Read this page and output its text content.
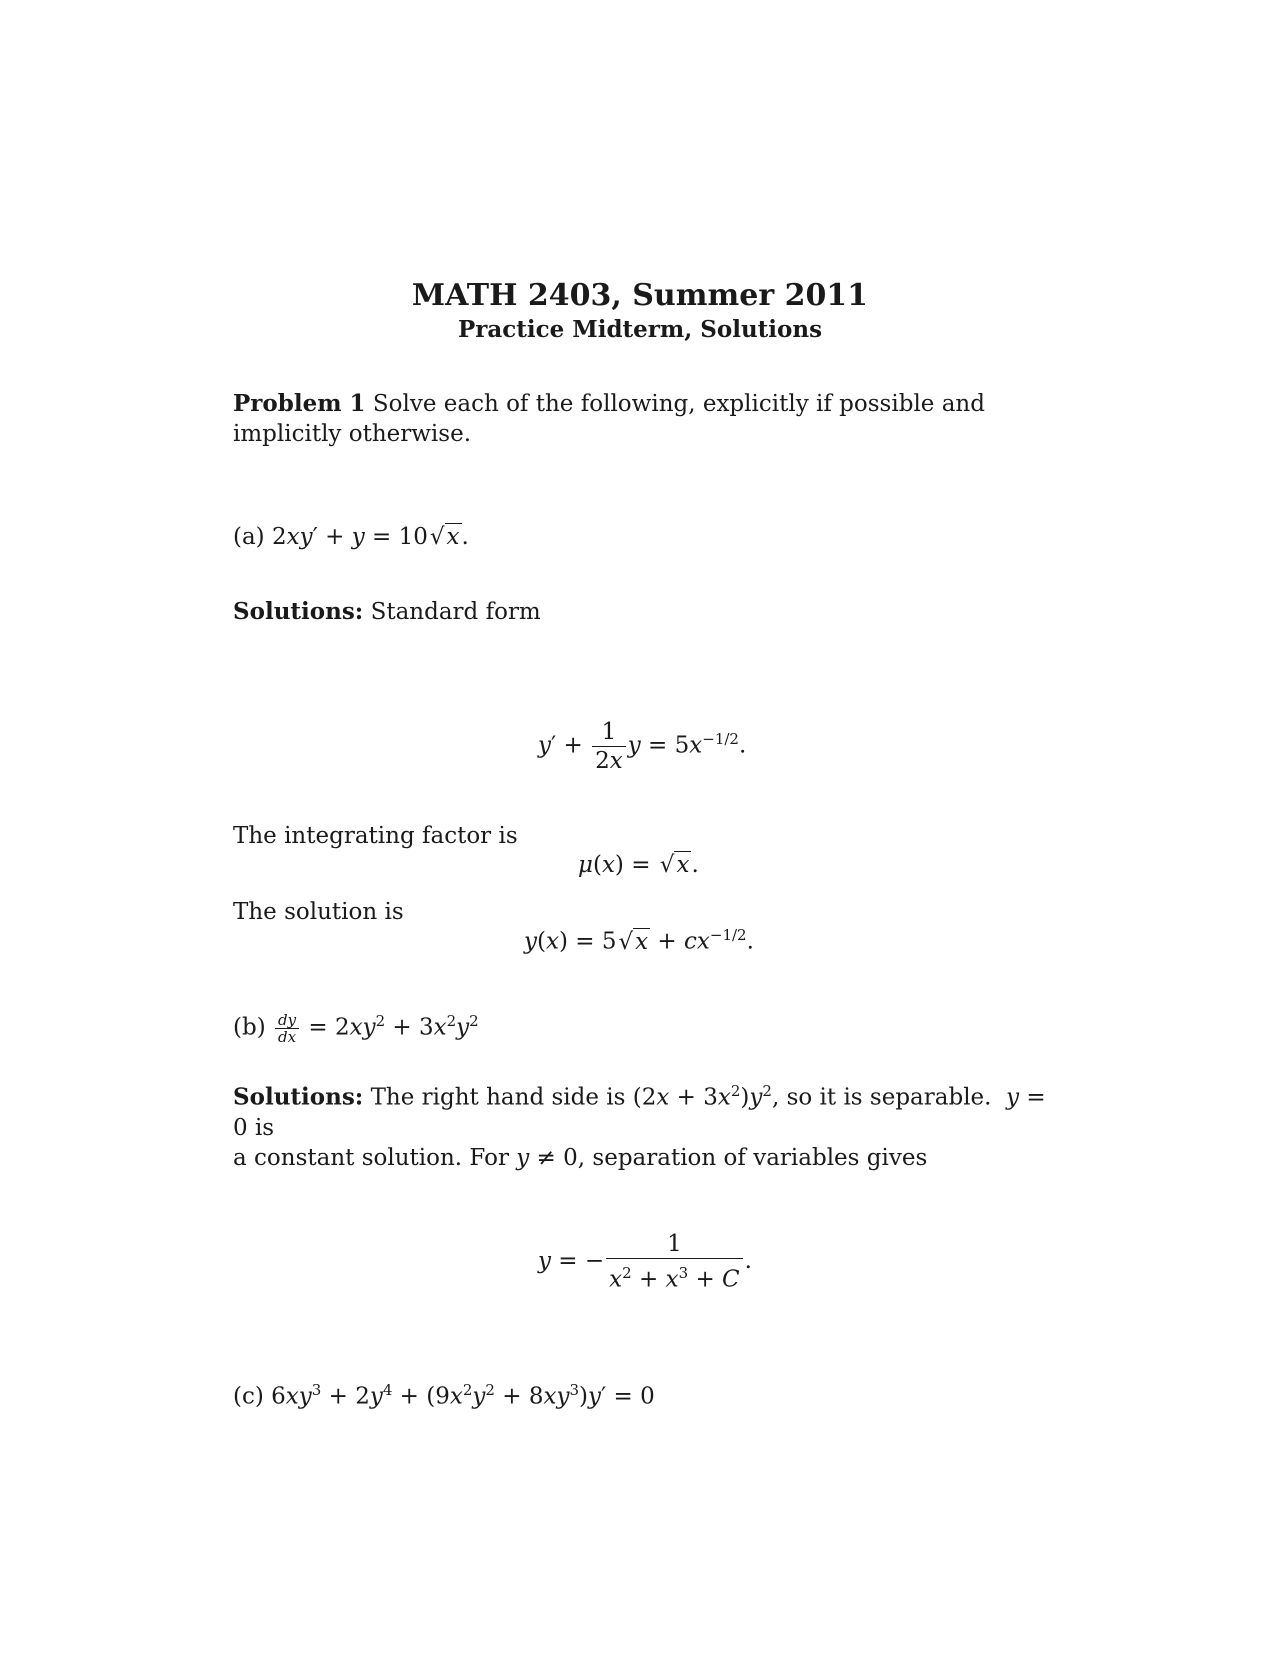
MATH 2403, Summer 2011
Practice Midterm, Solutions
Problem 1 Solve each of the following, explicitly if possible and implicitly otherwise.
(a) 2xy′ + y = 10√x.
Solutions: Standard form
$y' + \frac{1}{2x}$ $y = 5x^{-1/2}$.
The integrating factor is
μ(x) = √x.
The solution is
$y(x) = 5√x + cx^{-1/2}$.
$(b) \frac{dy}{dx} = 2xy^2 + 3x^2y^2$
Solutions: The right hand side is $(2x + 3x^2)y^2$, so it is separable. y = 0 is
a constant solution. For y ≠ 0, separation of variables gives
y = − $\frac{1}{x^2 + x^3 + C}$ .
(c) $6xy^3 + 2y^4 + (9x^2y^2 + 8xy^3)y' = 0$
